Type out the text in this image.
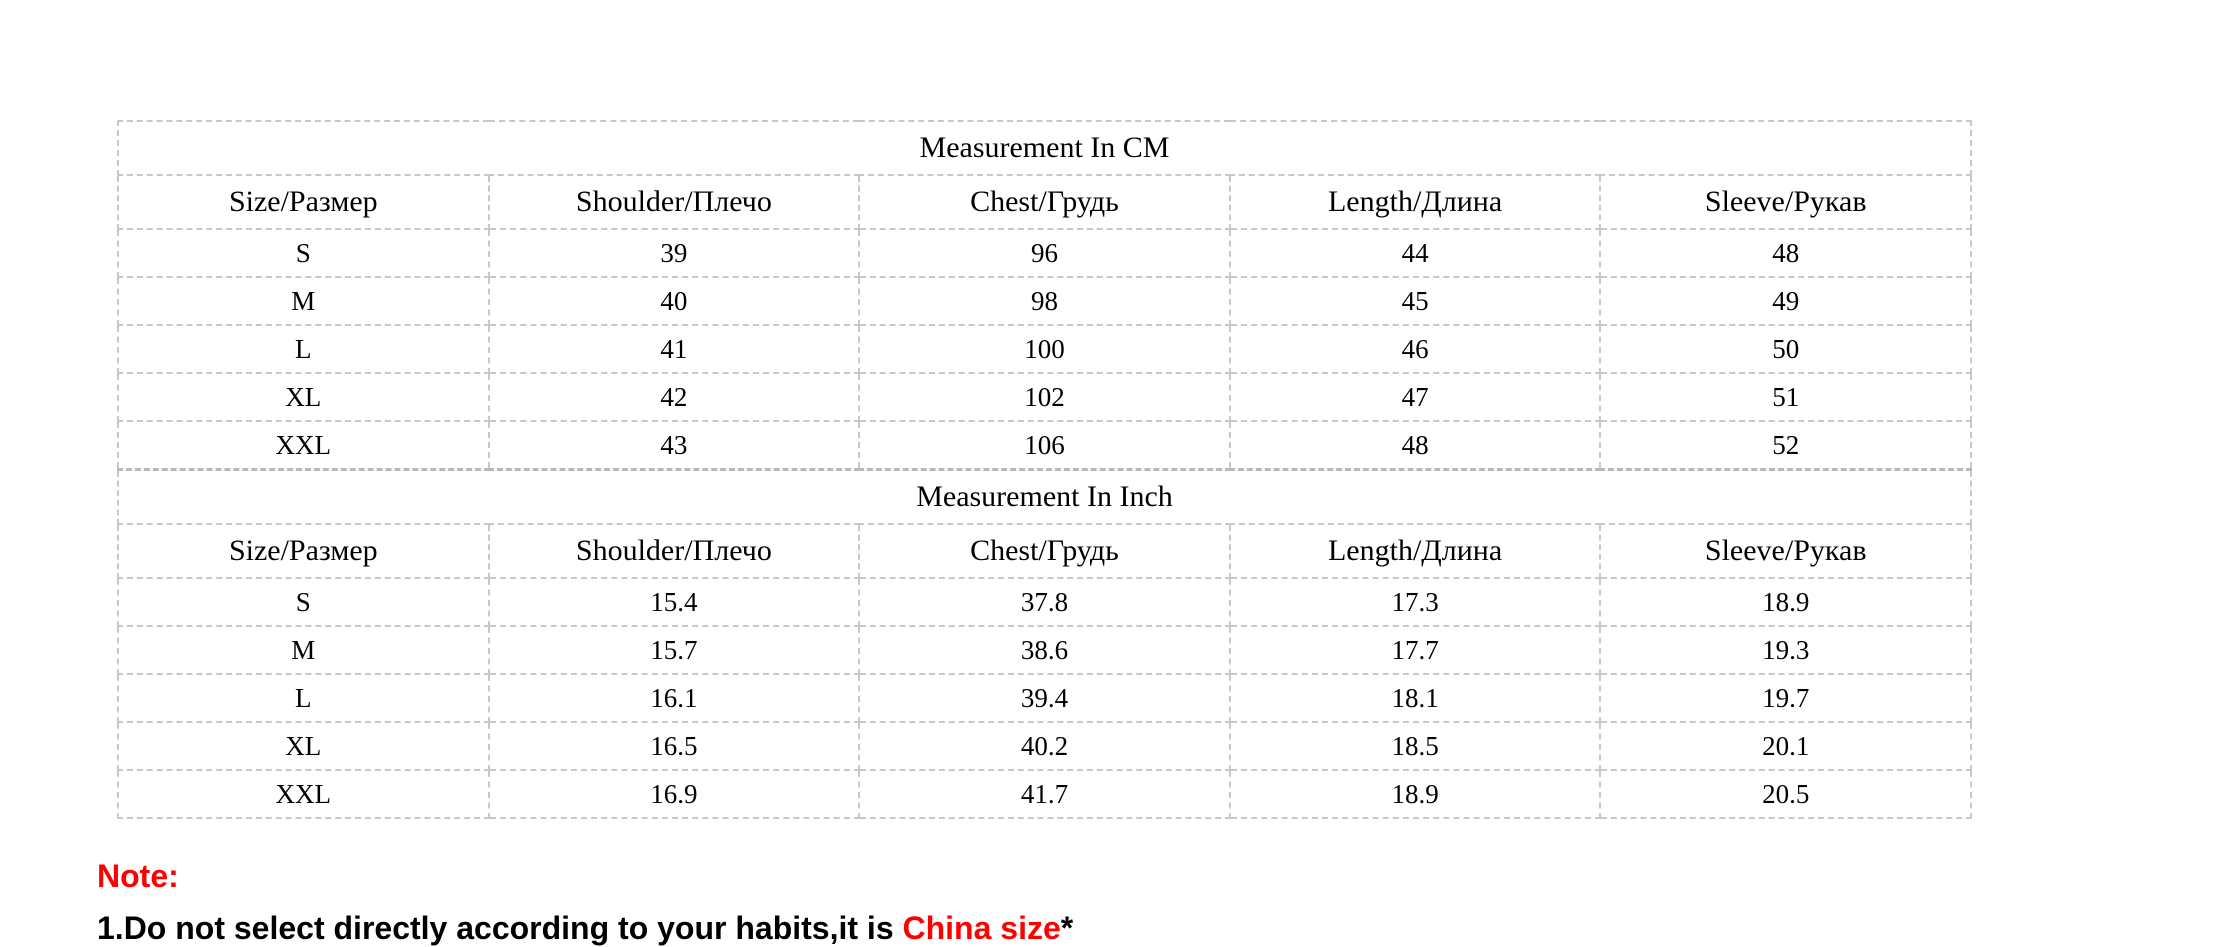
Measurement In CM				
Size/Размер	Shoulder/Плечо	Chest/Грудь	Length/Длина	Sleeve/Рукав
S	39	96	44	48
M	40	98	45	49
L	41	100	46	50
XL	42	102	47	51
XXL	43	106	48	52
Measurement In Inch				
Size/Размер	Shoulder/Плечо	Chest/Грудь	Length/Длина	Sleeve/Рукав
S	15.4	37.8	17.3	18.9
M	15.7	38.6	17.7	19.3
L	16.1	39.4	18.1	19.7
XL	16.5	40.2	18.5	20.1
XXL	16.9	41.7	18.9	20.5

Note:

1.Do not select directly according to your habits,it is China size*
